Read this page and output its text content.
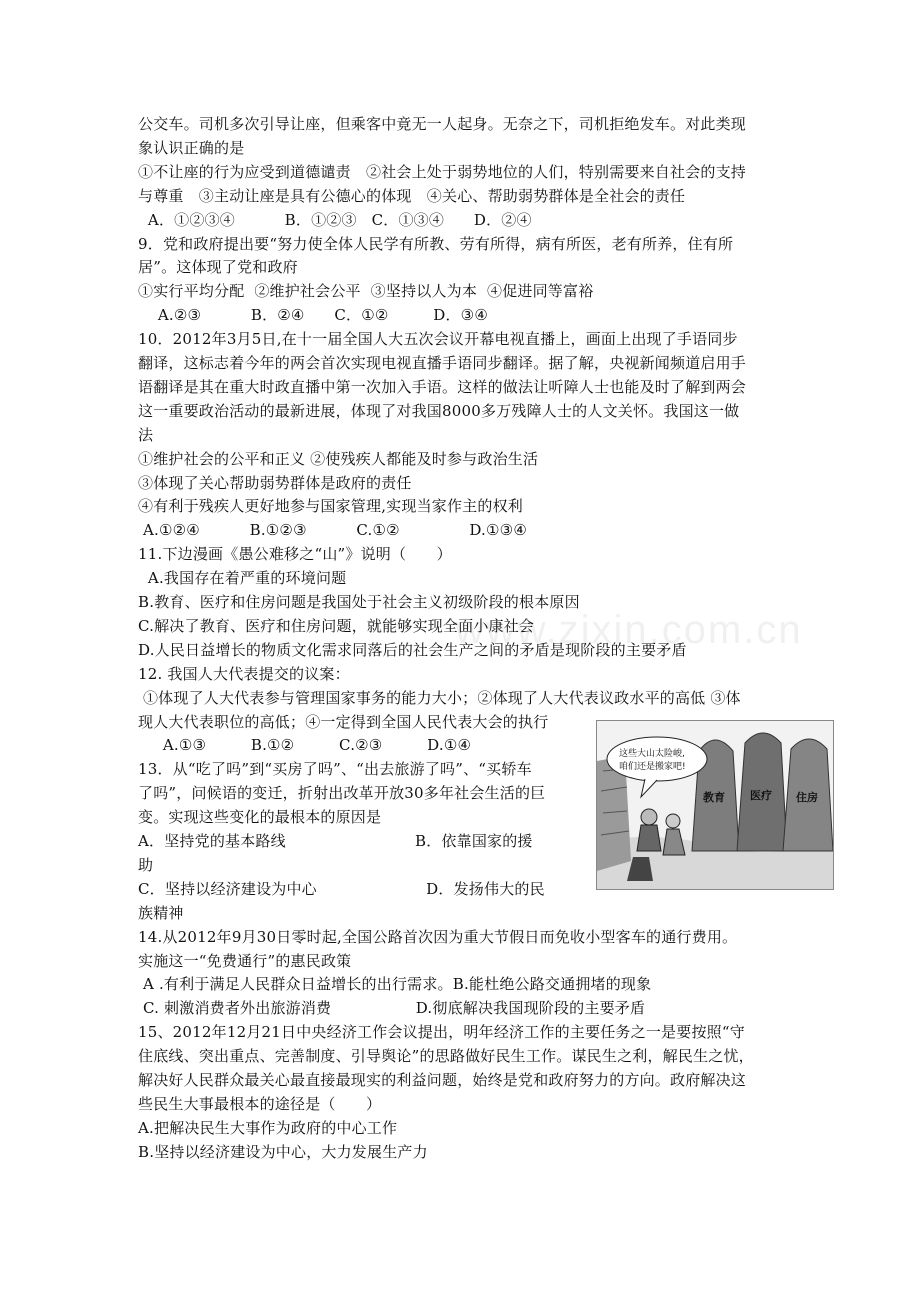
www.zixin.com.cn
公交车。司机多次引导让座，但乘客中竟无一人起身。无奈之下，司机拒绝发车。对此类现
象认识正确的是
①不让座的行为应受到道德谴责　②社会上处于弱势地位的人们，特别需要来自社会的支持
与尊重　③主动让座是具有公德心的体现　④关心、帮助弱势群体是全社会的责任
A．①②③④          B．①②③   C．①③④      D．②④
9．党和政府提出要“努力使全体人民学有所教、劳有所得，病有所医，老有所养，住有所
居”。这体现了党和政府
①实行平均分配  ②维护社会公平  ③坚持以人为本  ④促进同等富裕
A.②③          B．②④      C．①②         D．③④
10．2012年3月5日,在十一届全国人大五次会议开幕电视直播上，画面上出现了手语同步
翻译，这标志着今年的两会首次实现电视直播手语同步翻译。据了解，央视新闻频道启用手
语翻译是其在重大时政直播中第一次加入手语。这样的做法让听障人士也能及时了解到两会
这一重要政治活动的最新进展，体现了对我国8000多万残障人士的人文关怀。我国这一做
法
①维护社会的公平和正义 ②使残疾人都能及时参与政治生活
③体现了关心帮助弱势群体是政府的责任
④有利于残疾人更好地参与国家管理,实现当家作主的权利
A.①②④          B.①②③          C.①②              D.①③④
11.下边漫画《愚公难移之“山”》说明（　　）
A.我国存在着严重的环境问题
B.教育、医疗和住房问题是我国处于社会主义初级阶段的根本原因
C.解决了教育、医疗和住房问题，就能够实现全面小康社会
D.人民日益增长的物质文化需求同落后的社会生产之间的矛盾是现阶段的主要矛盾
12. 我国人大代表提交的议案：
①体现了人大代表参与管理国家事务的能力大小；②体现了人大代表议政水平的高低 ③体
现人大代表职位的高低；④一定得到全国人民代表大会的执行
A.①③         B.①②         C.②③         D.①④
13．从“吃了吗”到“买房了吗”、“出去旅游了吗”、“买轿车
了吗”，问候语的变迁，折射出改革开放30多年社会生活的巨
变。实现这些变化的最根本的原因是
A．坚持党的基本路线                          B．依靠国家的援
助
C．坚持以经济建设为中心                      D．发扬伟大的民
族精神
14.从2012年9月30日零时起,全国公路首次因为重大节假日而免收小型客车的通行费用。
实施这一“免费通行”的惠民政策
A .有利于满足人民群众日益增长的出行需求。B.能杜绝公路交通拥堵的现象
C. 刺激消费者外出旅游消费                 D.彻底解决我国现阶段的主要矛盾
15、2012年12月21日中央经济工作会议提出，明年经济工作的主要任务之一是要按照“守
住底线、突出重点、完善制度、引导舆论”的思路做好民生工作。谋民生之利，解民生之忧，
解决好人民群众最关心最直接最现实的利益问题，始终是党和政府努力的方向。政府解决这
些民生大事最根本的途径是（　　）
A.把解决民生大事作为政府的中心工作
B.坚持以经济建设为中心，大力发展生产力
教育 医疗 住房
这些大山太险峻,
咱们还是搬家吧!
